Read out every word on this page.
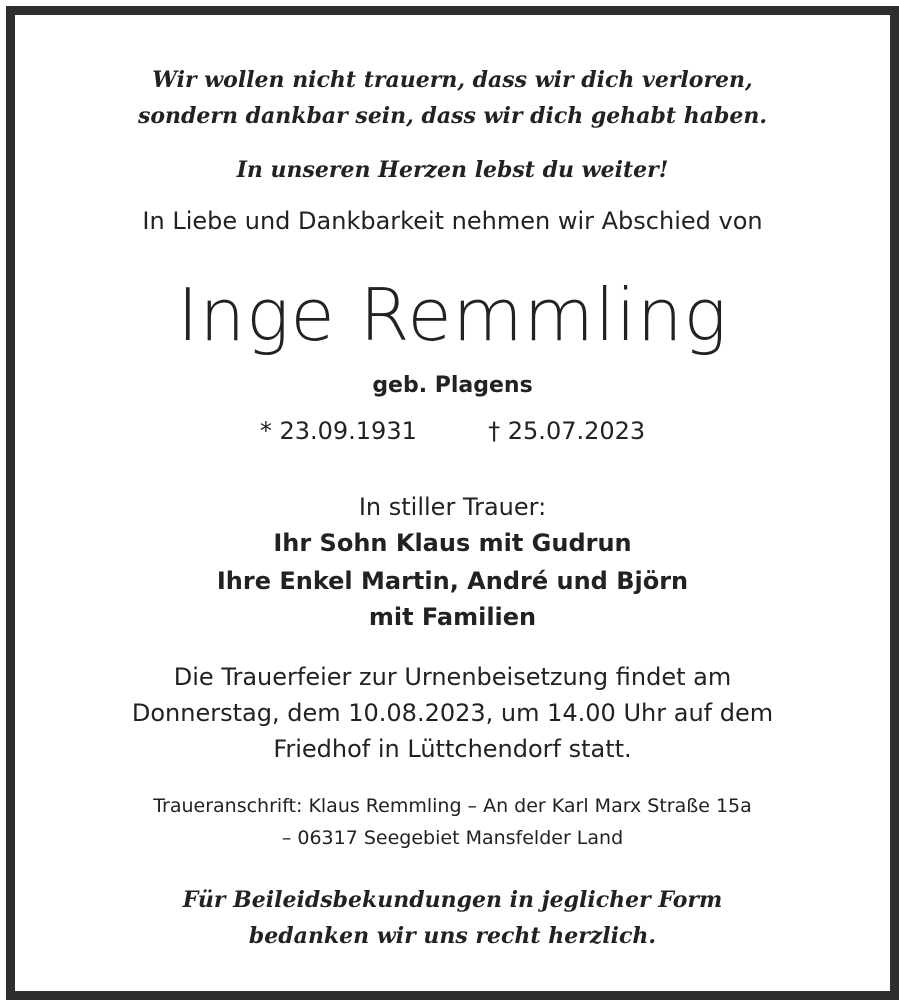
Wir wollen nicht trauern, dass wir dich verloren,
sondern dankbar sein, dass wir dich gehabt haben.
In unseren Herzen lebst du weiter!
In Liebe und Dankbarkeit nehmen wir Abschied von
Inge Remmling
geb. Plagens
* 23.09.1931	† 25.07.2023
In stiller Trauer:
Ihr Sohn Klaus mit Gudrun
Ihre Enkel Martin, André und Björn
mit Familien
Die Trauerfeier zur Urnenbeisetzung findet am
Donnerstag, dem 10.08.2023, um 14.00 Uhr auf dem
Friedhof in Lüttchendorf statt.
Traueranschrift: Klaus Remmling – An der Karl Marx Straße 15a
– 06317 Seegebiet Mansfelder Land
Für Beileidsbekundungen in jeglicher Form
bedanken wir uns recht herzlich.
